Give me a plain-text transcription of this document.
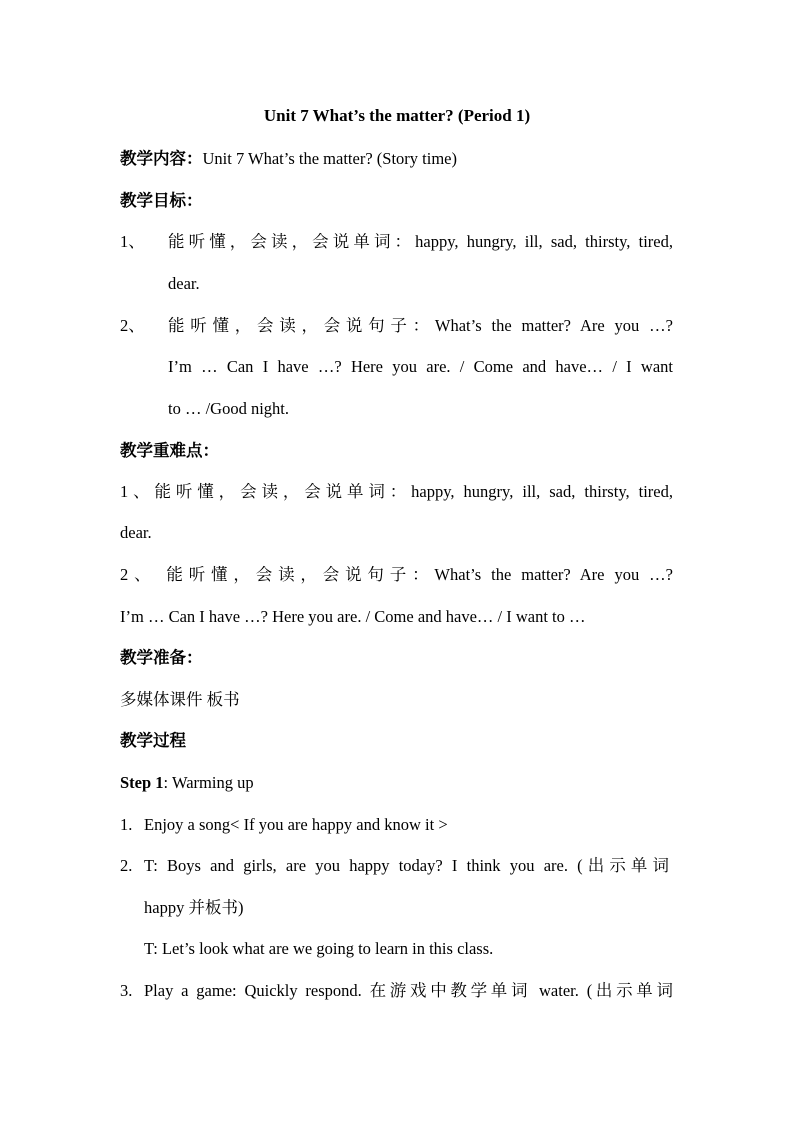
Unit 7 What’s the matter? (Period 1)
教学内容：Unit 7 What’s the matter? (Story time)
教学目标：
1、 能听懂，会读，会说单词：happy, hungry, ill, sad, thirsty, tired,
dear.
2、 能听懂，会读，会说句子：What’s the matter? Are you …?
I’m … Can I have …? Here you are. / Come and have… / I want
to … /Good night.
教学重难点：
1、能听懂，会读，会说单词：happy, hungry, ill, sad, thirsty, tired,
dear.
2、 能听懂，会读，会说句子：What’s the matter? Are you …?
I’m … Can I have …? Here you are. / Come and have… / I want to …
教学准备：
多媒体课件 板书
教学过程
Step 1: Warming up
1. Enjoy a song< If you are happy and know it >
2. T: Boys and girls, are you happy today? I think you are. (出示单词
happy 并板书)
T: Let’s look what are we going to learn in this class.
3. Play a game: Quickly respond. 在游戏中教学单词 water. (出示单词
